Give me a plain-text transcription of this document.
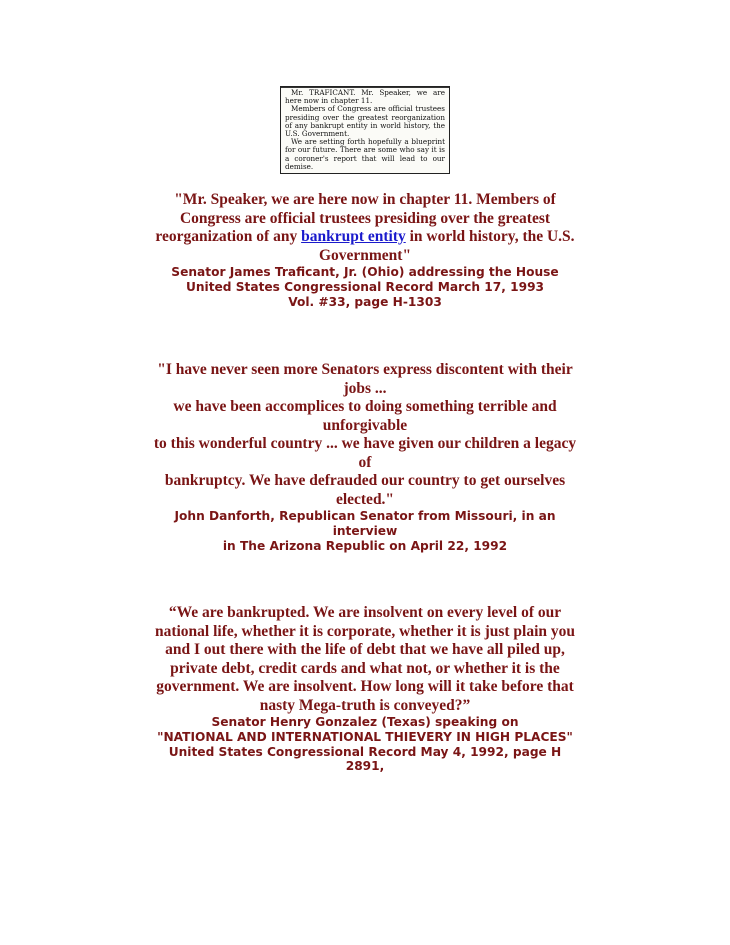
Mr. TRAFICANT. Mr. Speaker, we are here now in chapter 11.

Members of Congress are official trustees presiding over the greatest reorganization of any bankrupt entity in world history, the U.S. Government.

We are setting forth hopefully a blueprint for our future. There are some who say it is a coroner's report that will lead to our demise.

"Mr. Speaker, we are here now in chapter 11. Members of Congress are official trustees presiding over the greatest reorganization of any bankrupt entity in world history, the U.S. Government"

Senator James Traficant, Jr. (Ohio) addressing the House

United States Congressional Record March 17, 1993

Vol. #33, page H-1303

"I have never seen more Senators express discontent with their jobs ...

we have been accomplices to doing something terrible and unforgivable

to this wonderful country ... we have given our children a legacy of

bankruptcy. We have defrauded our country to get ourselves elected."

John Danforth, Republican Senator from Missouri, in an interview

in The Arizona Republic on April 22, 1992

“We are bankrupted. We are insolvent on every level of our national life, whether it is corporate, whether it is just plain you and I out there with the life of debt that we have all piled up, private debt, credit cards and what not, or whether it is the government. We are insolvent. How long will it take before that nasty Mega-truth is conveyed?”

Senator Henry Gonzalez (Texas) speaking on

"NATIONAL AND INTERNATIONAL THIEVERY IN HIGH PLACES"

United States Congressional Record May 4, 1992, page H 2891,
